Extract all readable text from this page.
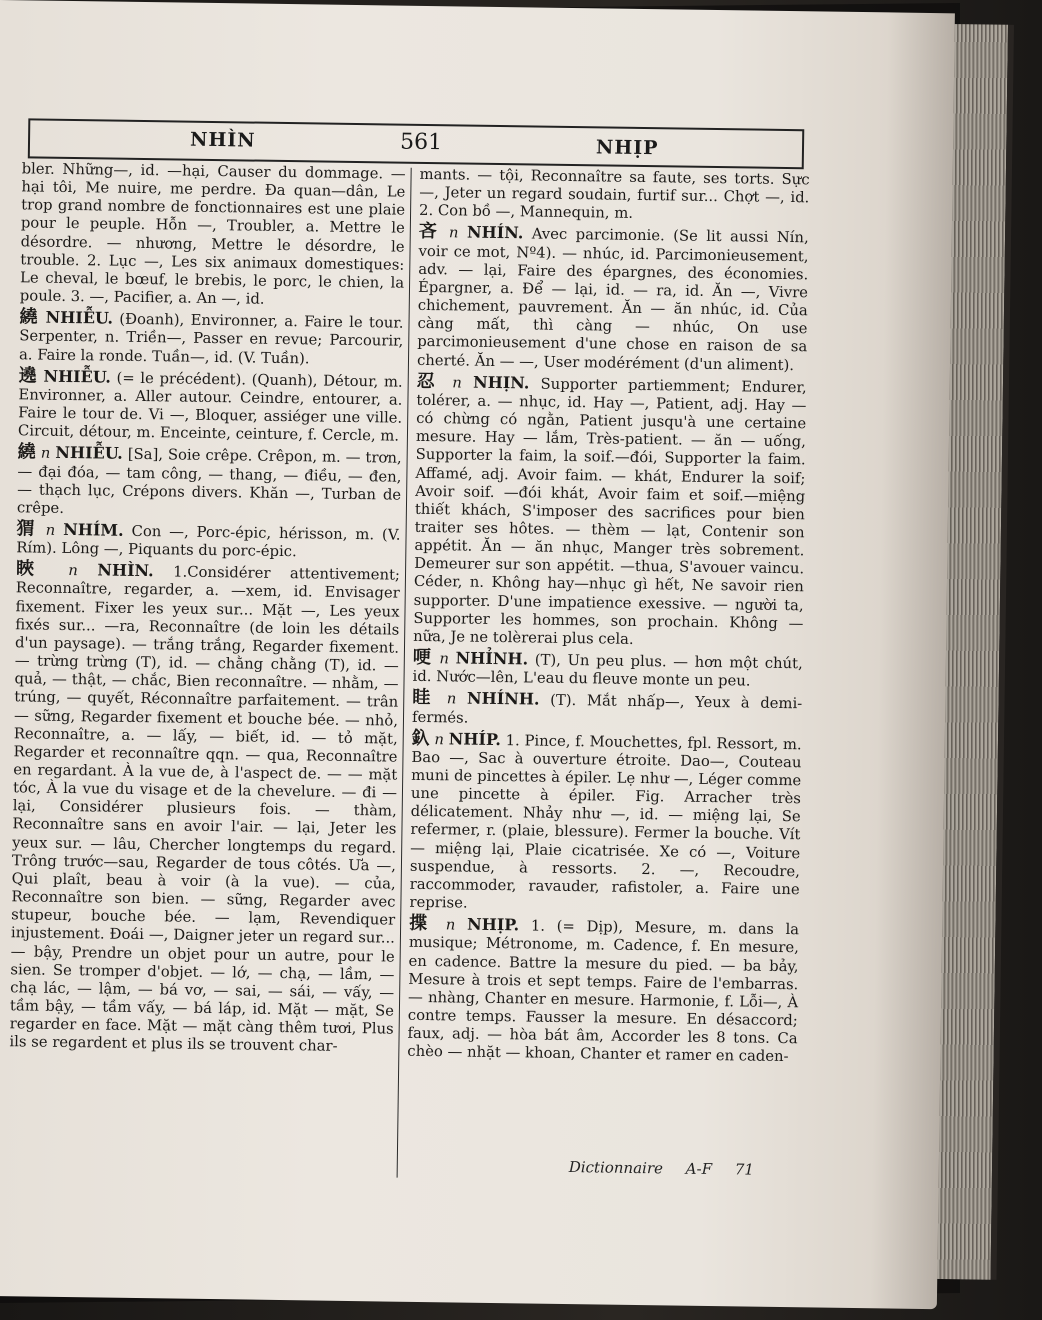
NHÌN	561	NHỊP

bler. Những—, id. —hại, Causer du dommage. — hại tôi, Me nuire, me perdre. Đa quan—dân, Le trop grand nombre de fonctionnaires est une plaie pour le peuple. Hỗn —, Troubler, a. Mettre le désordre. — nhương, Mettre le désordre, le trouble. 2. Lục —, Les six animaux domestiques: Le cheval, le bœuf, le brebis, le porc, le chien, la poule. 3. —, Pacifier, a. An —, id.

繞 NHIỄU. (Đoanh), Environner, a. Faire le tour. Serpenter, n. Triền—, Passer en revue; Parcourir, a. Faire la ronde. Tuần—, id. (V. Tuần).

遶 NHIỄU. (= le précédent). (Quanh), Détour, m. Environner, a. Aller autour. Ceindre, entourer, a. Faire le tour de. Vi —, Bloquer, assiéger une ville. Circuit, détour, m. Enceinte, ceinture, f. Cercle, m.

繞 n NHIỄU. [Sa], Soie crêpe. Crêpon, m. — trơn, — đại đóa, — tam công, — thang, — điều, — đen, — thạch lục, Crépons divers. Khăn —, Turban de crêpe.

猬 n NHÍM. Con —, Porc-épic, hérisson, m. (V. Rím). Lông —, Piquants du porc-épic.

䀹 n NHÌN. 1.Considérer attentivement; Reconnaître, regarder, a. —xem, id. Envisager fixement. Fixer les yeux sur... Mặt —, Les yeux fixés sur... —ra, Reconnaître (de loin les détails d'un paysage). — trắng trắng, Regarder fixement.— trừng trừng (T), id. — chằng chằng (T), id. — quả, — thật, — chắc, Bien reconnaître. — nhằm, — trúng, — quyết, Réconnaître parfaitement. — trân — sững, Regarder fixement et bouche bée. — nhỏ, Reconnaître, a. — lấy, — biết, id. — tỏ mặt, Regarder et reconnaître qqn. — qua, Reconnaître en regardant. À la vue de, à l'aspect de. — — mặt tóc, À la vue du visage et de la chevelure. — đi — lại, Considérer plusieurs fois. — thàm, Reconnaître sans en avoir l'air. — lại, Jeter les yeux sur. — lâu, Chercher longtemps du regard. Trông trước—sau, Regarder de tous côtés. Ưa —, Qui plaît, beau à voir (à la vue). — của, Reconnaître son bien. — sững, Regarder avec stupeur, bouche bée. — lạm, Revendiquer injustement. Đoái —, Daigner jeter un regard sur... — bậy, Prendre un objet pour un autre, pour le sien. Se tromper d'objet. — lớ, — chạ, — lầm, — chạ lác, — lậm, — bá vơ, — sai, — sái, — vấy, — tầm bậy, — tầm vấy, — bá láp, id. Mặt — mặt, Se regarder en face. Mặt — mặt càng thêm tươi, Plus ils se regardent et plus ils se trouvent char-

mants. — tội, Reconnaître sa faute, ses torts. Sực —, Jeter un regard soudain, furtif sur... Chợt —, id. 2. Con bồ —, Mannequin, m.

吝 n NHÍN. Avec parcimonie. (Se lit aussi Nín, voir ce mot, Nº4). — nhúc, id. Parcimonieusement, adv. — lại, Faire des épargnes, des économies. Épargner, a. Để — lại, id. — ra, id. Ăn —, Vivre chichement, pauvrement. Ăn — ăn nhúc, id. Của càng mất, thì càng — nhúc, On use parcimonieusement d'une chose en raison de sa cherté. Ăn — —, User modérément (d'un aliment).

忍 n NHỊN. Supporter partiemment; Endurer, tolérer, a. — nhục, id. Hay —, Patient, adj. Hay — có chừng có ngằn, Patient jusqu'à une certaine mesure. Hay — lắm, Très-patient. — ăn — uống, Supporter la faim, la soif.—đói, Supporter la faim. Affamé, adj. Avoir faim. — khát, Endurer la soif; Avoir soif. —đói khát, Avoir faim et soif.—miệng thiết khách, S'imposer des sacrifices pour bien traiter ses hôtes. — thèm — lạt, Contenir son appétit. Ăn — ăn nhục, Manger très sobrement. Demeurer sur son appétit. —thua, S'avouer vaincu. Céder, n. Không hay—nhục gì hết, Ne savoir rien supporter. D'une impatience exessive. — người ta, Supporter les hommes, son prochain. Không — nữa, Je ne tolèrerai plus cela.

哽 n NHỈNH. (T), Un peu plus. — hơn một chút, id. Nước—lên, L'eau du fleuve monte un peu.

眭 n NHÍNH. (T). Mắt nhấp—, Yeux à demi-fermés.

釞 n NHÍP. 1. Pince, f. Mouchettes, fpl. Ressort, m. Bao —, Sac à ouverture étroite. Dao—, Couteau muni de pincettes à épiler. Lẹ như —, Léger comme une pincette à épiler. Fig. Arracher très délicatement. Nhảy như —, id. — miệng lại, Se refermer, r. (plaie, blessure). Fermer la bouche. Vít — miệng lại, Plaie cicatrisée. Xe có —, Voiture suspendue, à ressorts. 2. —, Recoudre, raccommoder, ravauder, rafistoler, a. Faire une reprise.

揲 n NHỊP. 1. (= Dịp), Mesure, m. dans la musique; Métronome, m. Cadence, f. En mesure, en cadence. Battre la mesure du pied. — ba bảy, Mesure à trois et sept temps. Faire de l'embarras. — nhàng, Chanter en mesure. Harmonie, f. Lỗi—, À contre temps. Fausser la mesure. En désaccord; faux, adj. — hòa bát âm, Accorder les 8 tons. Ca chèo — nhặt — khoan, Chanter et ramer en caden-

Dictionnaire A-F 71
